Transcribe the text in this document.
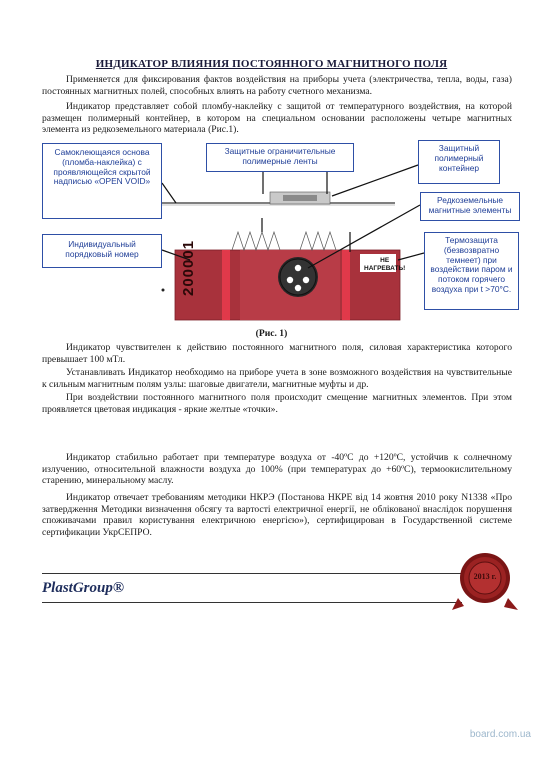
ИНДИКАТОР ВЛИЯНИЯ ПОСТОЯННОГО МАГНИТНОГО ПОЛЯ

Применяется для фиксирования фактов воздействия на приборы учета (электричества, тепла, воды, газа) постоянных магнитных полей, способных влиять на работу счетного механизма.

Индикатор представляет собой пломбу-наклейку с защитой от температурного воздействия, на которой размещен полимерный контейнер, в котором на специальном основании расположены четыре магнитных элемента из редкоземельного материала (Рис.1).

200001	НЕ
НАГРЕВАТЬ!
Самоклеющаяся основа (пломба-наклейка) с проявляющейся скрытой надписью «OPEN VOID»
Защитные ограничительные полимерные ленты
Защитный полимерный контейнер
Редкоземельные магнитные элементы
Индивидуальный порядковый номер
Термозащита (безвозвратно темнеет) при воздействии паром и потоком горячего воздуха при t >70°С.
(Рис. 1)

Индикатор чувствителен к действию постоянного магнитного поля, силовая характеристика которого превышает 100 мТл.

Устанавливать Индикатор необходимо на приборе учета в зоне возможного воздействия на чувствительные к сильным магнитным полям узлы: шаговые двигатели, магнитные муфты и др.

При воздействии постоянного магнитного поля происходит смещение магнитных элементов. При этом проявляется цветовая индикация - яркие желтые «точки».

Индикатор стабильно работает при температуре воздуха от -40ºС до +120ºС, устойчив к солнечному излучению, относительной влажности воздуха до 100% (при температурах до +60ºС), термоокислительному старению, минеральному маслу.

Индикатор отвечает требованиям методики НКРЭ (Постанова НКРЕ від 14 жовтня 2010 року N1338 «Про затвердження Методики визначення обсягу та вартості електричної енергії, не облікованої внаслідок порушення споживачами правил користування електричною енергією»), сертифицирован в Государственной системе сертификации УкрСЕПРО.

PlastGroup®
2013 г.
board.com.ua
